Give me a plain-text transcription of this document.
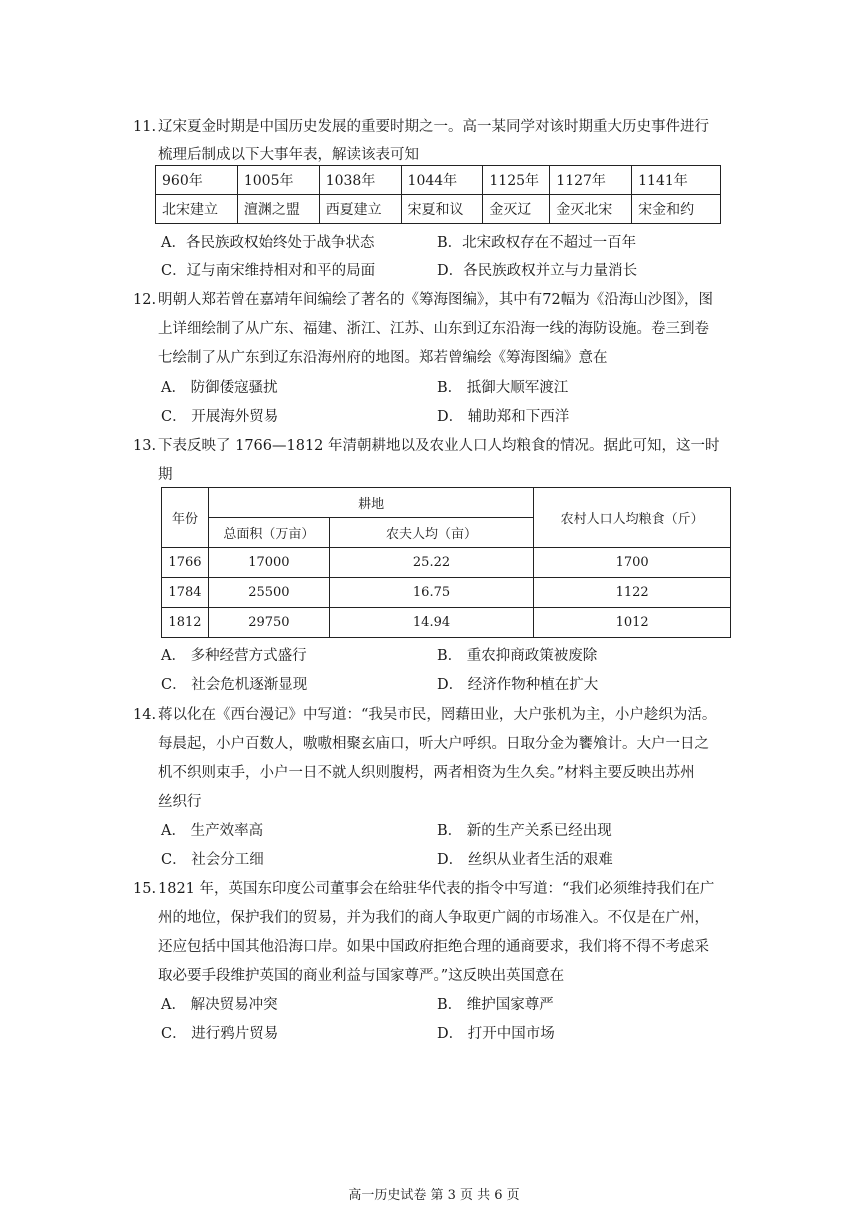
11. 辽宋夏金时期是中国历史发展的重要时期之一。高一某同学对该时期重大历史事件进行
梳理后制成以下大事年表，解读该表可知
960年	1005年	1038年	1044年	1125年	1127年	1141年
北宋建立	澶渊之盟	西夏建立	宋夏和议	金灭辽	金灭北宋	宋金和约
A．各民族政权始终处于战争状态	B．北宋政权存在不超过一百年
C．辽与南宋维持相对和平的局面	D．各民族政权并立与力量消长
12. 明朝人郑若曾在嘉靖年间编绘了著名的《筹海图编》，其中有72幅为《沿海山沙图》，图
上详细绘制了从广东、福建、浙江、江苏、山东到辽东沿海一线的海防设施。卷三到卷
七绘制了从广东到辽东沿海州府的地图。郑若曾编绘《筹海图编》意在
A． 防御倭寇骚扰	B． 抵御大顺军渡江
C． 开展海外贸易	D． 辅助郑和下西洋
13. 下表反映了 1766—1812 年清朝耕地以及农业人口人均粮食的情况。据此可知，这一时
期
年份	耕地		农村人口人均粮食（斤）
	总面积（万亩）	农夫人均（亩）	
1766	17000	25.22	1700
1784	25500	16.75	1122
1812	29750	14.94	1012
A． 多种经营方式盛行	B． 重农抑商政策被废除
C． 社会危机逐渐显现	D． 经济作物种植在扩大
14. 蒋以化在《西台漫记》中写道：“我吴市民，罔藉田业，大户张机为主，小户趁织为活。
每晨起，小户百数人，嗷嗷相聚玄庙口，听大户呼织。日取分金为饔飧计。大户一日之
机不织则束手，小户一日不就人织则腹枵，两者相资为生久矣。”材料主要反映出苏州
丝织行
A． 生产效率高	B． 新的生产关系已经出现
C． 社会分工细	D． 丝织从业者生活的艰难
15. 1821 年，英国东印度公司董事会在给驻华代表的指令中写道：“我们必须维持我们在广
州的地位，保护我们的贸易，并为我们的商人争取更广阔的市场准入。不仅是在广州，
还应包括中国其他沿海口岸。如果中国政府拒绝合理的通商要求，我们将不得不考虑采
取必要手段维护英国的商业利益与国家尊严。”这反映出英国意在
A． 解决贸易冲突	B． 维护国家尊严
C． 进行鸦片贸易	D． 打开中国市场
高一历史试卷 第 3 页 共 6 页
